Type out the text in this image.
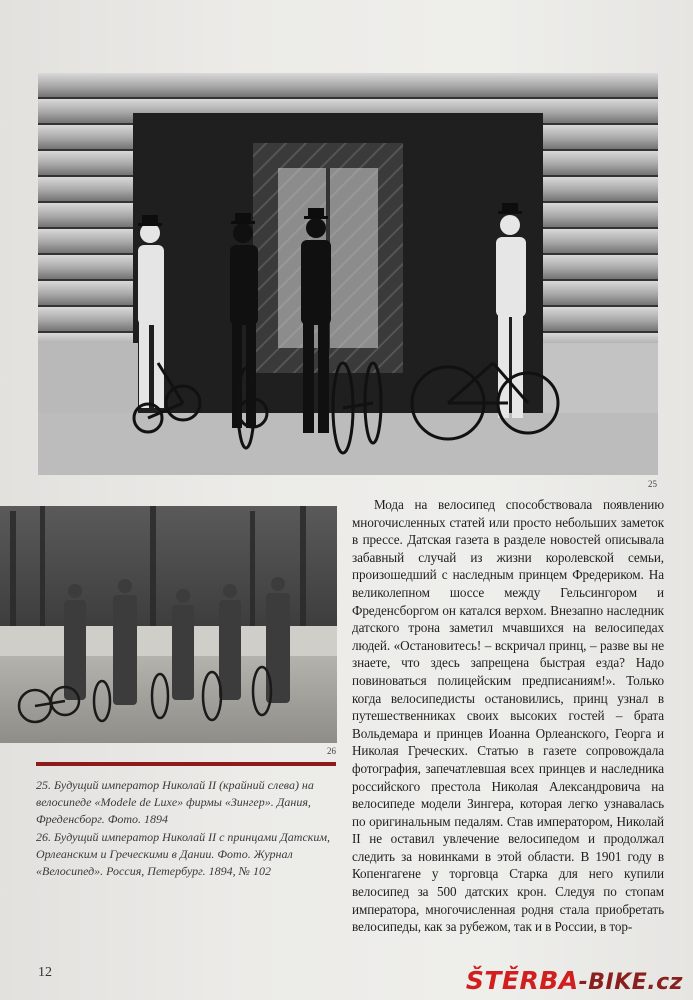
25
26
25. Будущий император Николай II (крайний слева) на велосипеде «Modele de Luxe» фирмы «Зингер». Дания, Фреденсборг. Фото. 1894
26. Будущий император Николай II с принцами Датским, Орлеанским и Греческими в Дании. Фото. Журнал «Велосипед». Россия, Петербург. 1894, № 102
Мода на велосипед способствовала появлению многочисленных статей или просто небольших заметок в прессе. Датская газета в разделе новостей описывала забавный случай из жизни королевской семьи, произошедший с наследным принцем Фредериком. На великолепном шоссе между Гельсингором и Фреденсборгом он катался верхом. Внезапно наследник датского трона заметил мчавшихся на велосипедах людей. «Остановитесь! – вскричал принц, – разве вы не знаете, что здесь запрещена быстрая езда? Надо повиноваться полицейским предписаниям!». Только когда велосипедисты остановились, принц узнал в путешественниках своих высоких гостей – брата Вольдемара и принцев Иоанна Орлеанского, Георга и Николая Греческих. Статью в газете сопровождала фотография, запечатлевшая всех принцев и наследника российского престола Николая Александровича на велосипеде модели Зингера, которая легко узнавалась по оригинальным педалям. Став императором, Николай II не оставил увлечение велосипедом и продолжал следить за новинками в этой области. В 1901 году в Копенгагене у торговца Старка для него купили велосипед за 500 датских крон. Следуя по стопам императора, многочисленная родня стала приобретать велосипеды, как за рубежом, так и в России, в тор-
12	ŠTĚRBA-BIKE.cz
